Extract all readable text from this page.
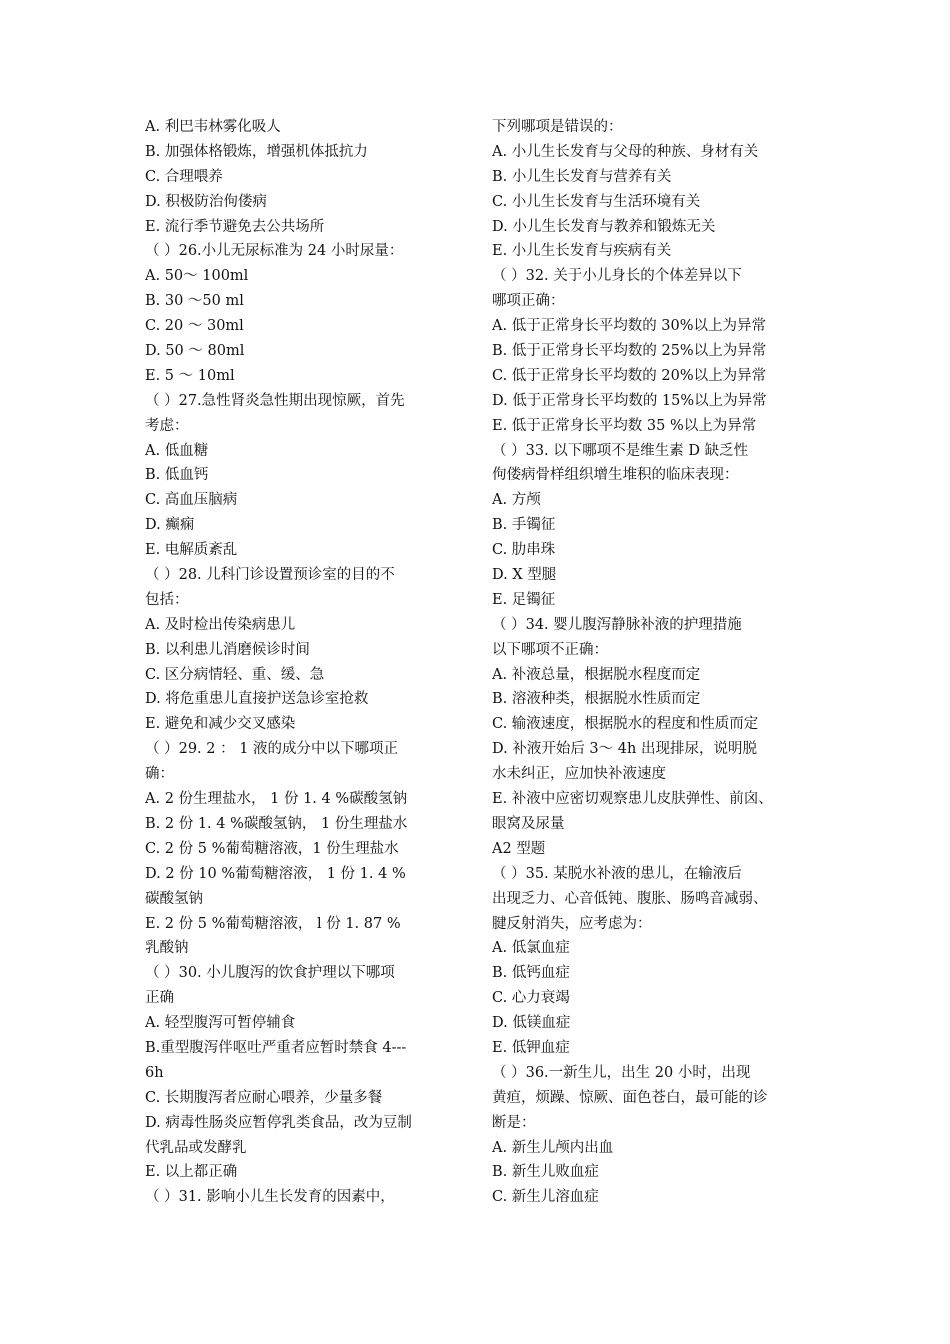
A. 利巴韦林雾化吸人
B. 加强体格锻炼，增强机体抵抗力
C. 合理喂养
D. 积极防治佝偻病
E. 流行季节避免去公共场所
（ ）26.小儿无尿标准为 24 小时尿量：
A. 50～ 100ml
B. 30 ～50 ml
C. 20 ～ 30ml
D. 50 ～ 80ml
E. 5 ～ 10ml
（ ）27.急性肾炎急性期出现惊厥，首先
考虑：
A. 低血糖
B. 低血钙
C. 高血压脑病
D. 癫痫
E. 电解质紊乱
（ ）28. 儿科门诊设置预诊室的目的不
包括：
A. 及时检出传染病患儿
B. 以利患儿消磨候诊时间
C. 区分病情轻、重、缓、急
D. 将危重患儿直接护送急诊室抢救
E. 避免和减少交叉感染
（ ）29. 2 ： 1 液的成分中以下哪项正
确：
A. 2 份生理盐水， 1 份 1. 4 %碳酸氢钠
B. 2 份 1. 4 %碳酸氢钠， 1 份生理盐水
C. 2 份 5 %葡萄糖溶液，1 份生理盐水
D. 2 份 10 %葡萄糖溶液， 1 份 1. 4 %
碳酸氢钠
E. 2 份 5 %葡萄糖溶液， l 份 1. 87 %
乳酸钠
（ ）30. 小儿腹泻的饮食护理以下哪项
正确
A. 轻型腹泻可暂停辅食
B.重型腹泻伴呕吐严重者应暂时禁食 4---
6h
C. 长期腹泻者应耐心喂养，少量多餐
D. 病毒性肠炎应暂停乳类食品，改为豆制
代乳品或发酵乳
E. 以上都正确
（ ）31. 影响小儿生长发育的因素中，
下列哪项是错误的：
A. 小儿生长发育与父母的种族、身材有关
B. 小儿生长发育与营养有关
C. 小儿生长发育与生活环境有关
D. 小儿生长发育与教养和锻炼无关
E. 小儿生长发育与疾病有关
（ ）32. 关于小儿身长的个体差异以下
哪项正确：
A. 低于正常身长平均数的 30%以上为异常
B. 低于正常身长平均数的 25%以上为异常
C. 低于正常身长平均数的 20%以上为异常
D. 低于正常身长平均数的 15%以上为异常
E. 低于正常身长平均数 35 %以上为异常
（ ）33. 以下哪项不是维生素 D 缺乏性
佝偻病骨样组织增生堆积的临床表现：
A. 方颅
B. 手镯征
C. 肋串珠
D. X 型腿
E. 足镯征
（ ）34. 婴儿腹泻静脉补液的护理措施
以下哪项不正确：
A. 补液总量，根据脱水程度而定
B. 溶液种类，根据脱水性质而定
C. 输液速度，根据脱水的程度和性质而定
D. 补液开始后 3～ 4h 出现排尿，说明脱
水未纠正，应加快补液速度
E. 补液中应密切观察患儿皮肤弹性、前囟、
眼窝及尿量
A2 型题
（ ）35. 某脱水补液的患儿，在输液后
出现乏力、心音低钝、腹胀、肠鸣音减弱、
腱反射消失，应考虑为：
A. 低氯血症
B. 低钙血症
C. 心力衰竭
D. 低镁血症
E. 低钾血症
（ ）36.一新生儿，出生 20 小时，出现
黄疸，烦躁、惊厥、面色苍白，最可能的诊
断是：
A. 新生儿颅内出血
B. 新生儿败血症
C. 新生儿溶血症
